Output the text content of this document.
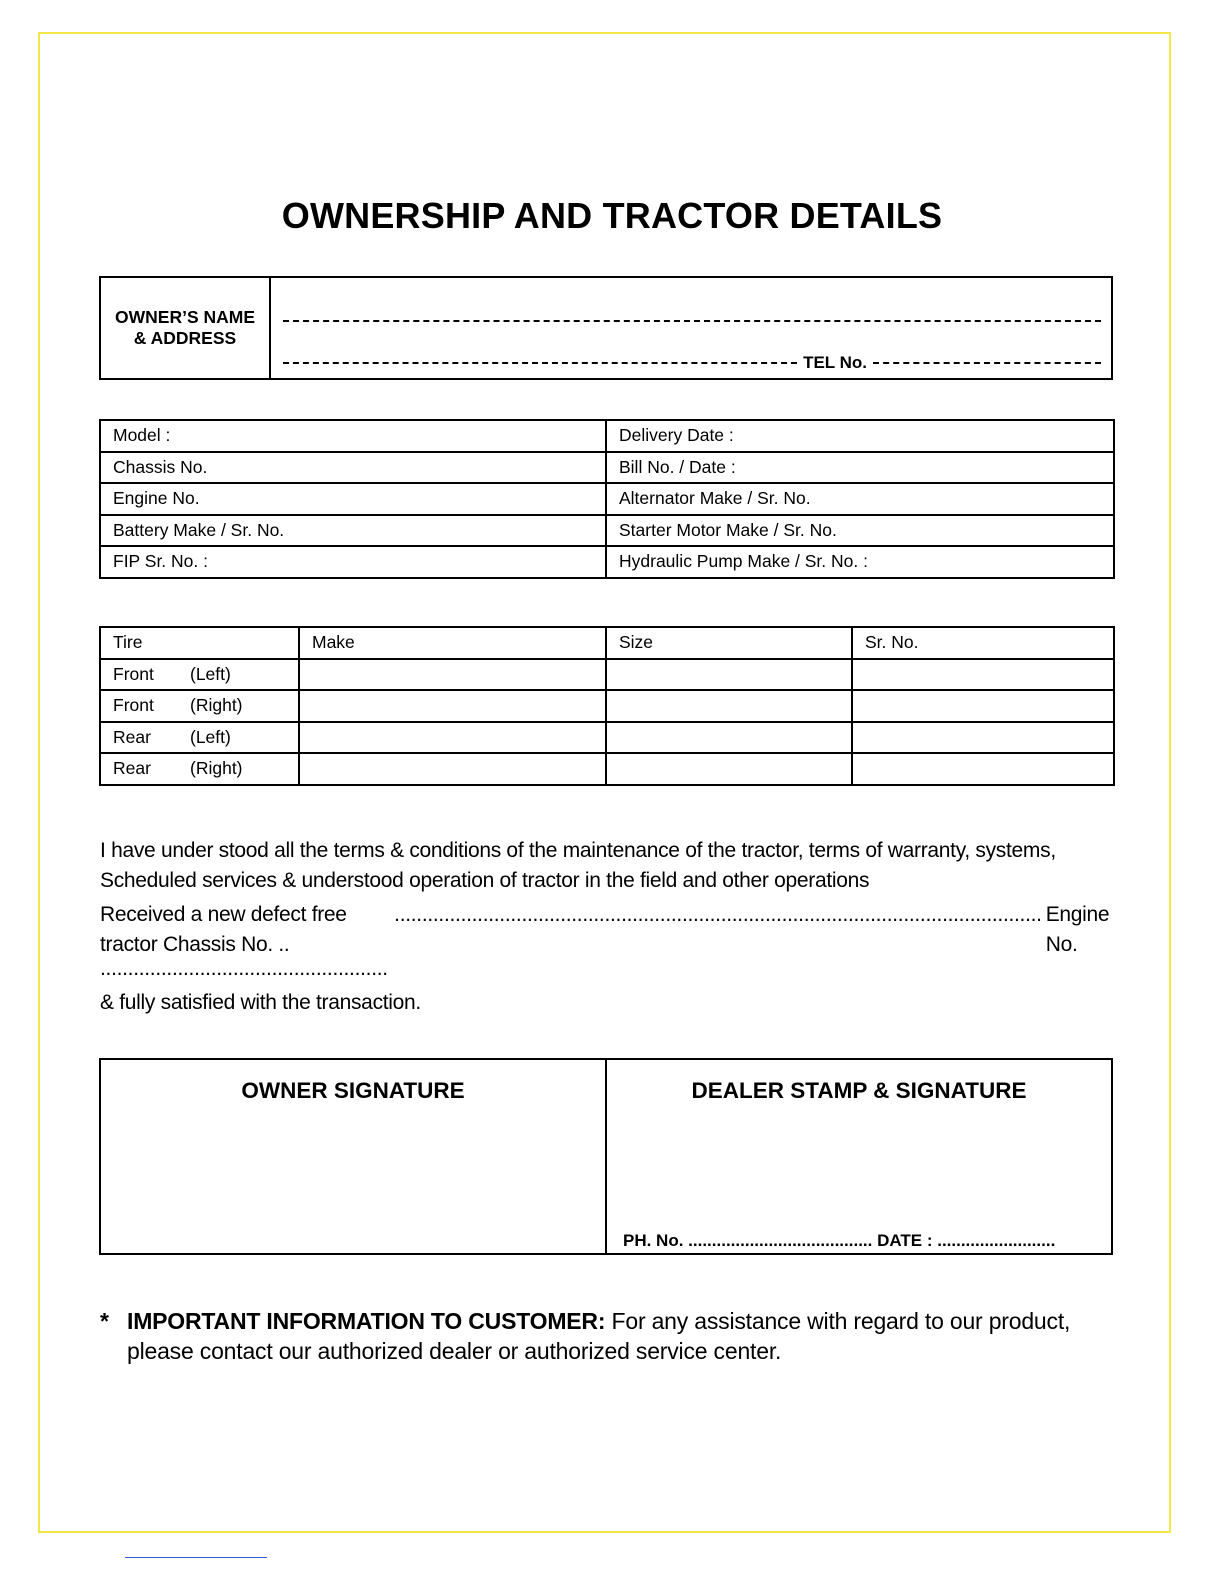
OWNERSHIP AND TRACTOR DETAILS
OWNER’S NAME
& ADDRESS
TEL No.
Model :	Delivery Date :
Chassis No.	Bill No. / Date :
Engine No.	Alternator Make / Sr. No.
Battery Make / Sr. No.	Starter Motor Make / Sr. No.
FIP Sr. No. :	Hydraulic Pump Make / Sr. No. :
Tire	Make	Size	Sr. No.
Front (Left)			
Front (Right)			
Rear (Left)			
Rear (Right)			
I have under stood all the terms & conditions of the maintenance of the tractor, terms of warranty, systems,
Scheduled services & understood operation of tractor in the field and other operations
Received a new defect free tractor Chassis No. ..
..................................................................................................................... Engine No.
....................................................
& fully satisfied with the transaction.
OWNER SIGNATURE	DEALER STAMP & SIGNATURE
PH. No. ....................................... DATE : .........................
* IMPORTANT INFORMATION TO CUSTOMER: For any assistance with regard to our product,
please contact our authorized dealer or authorized service center.
